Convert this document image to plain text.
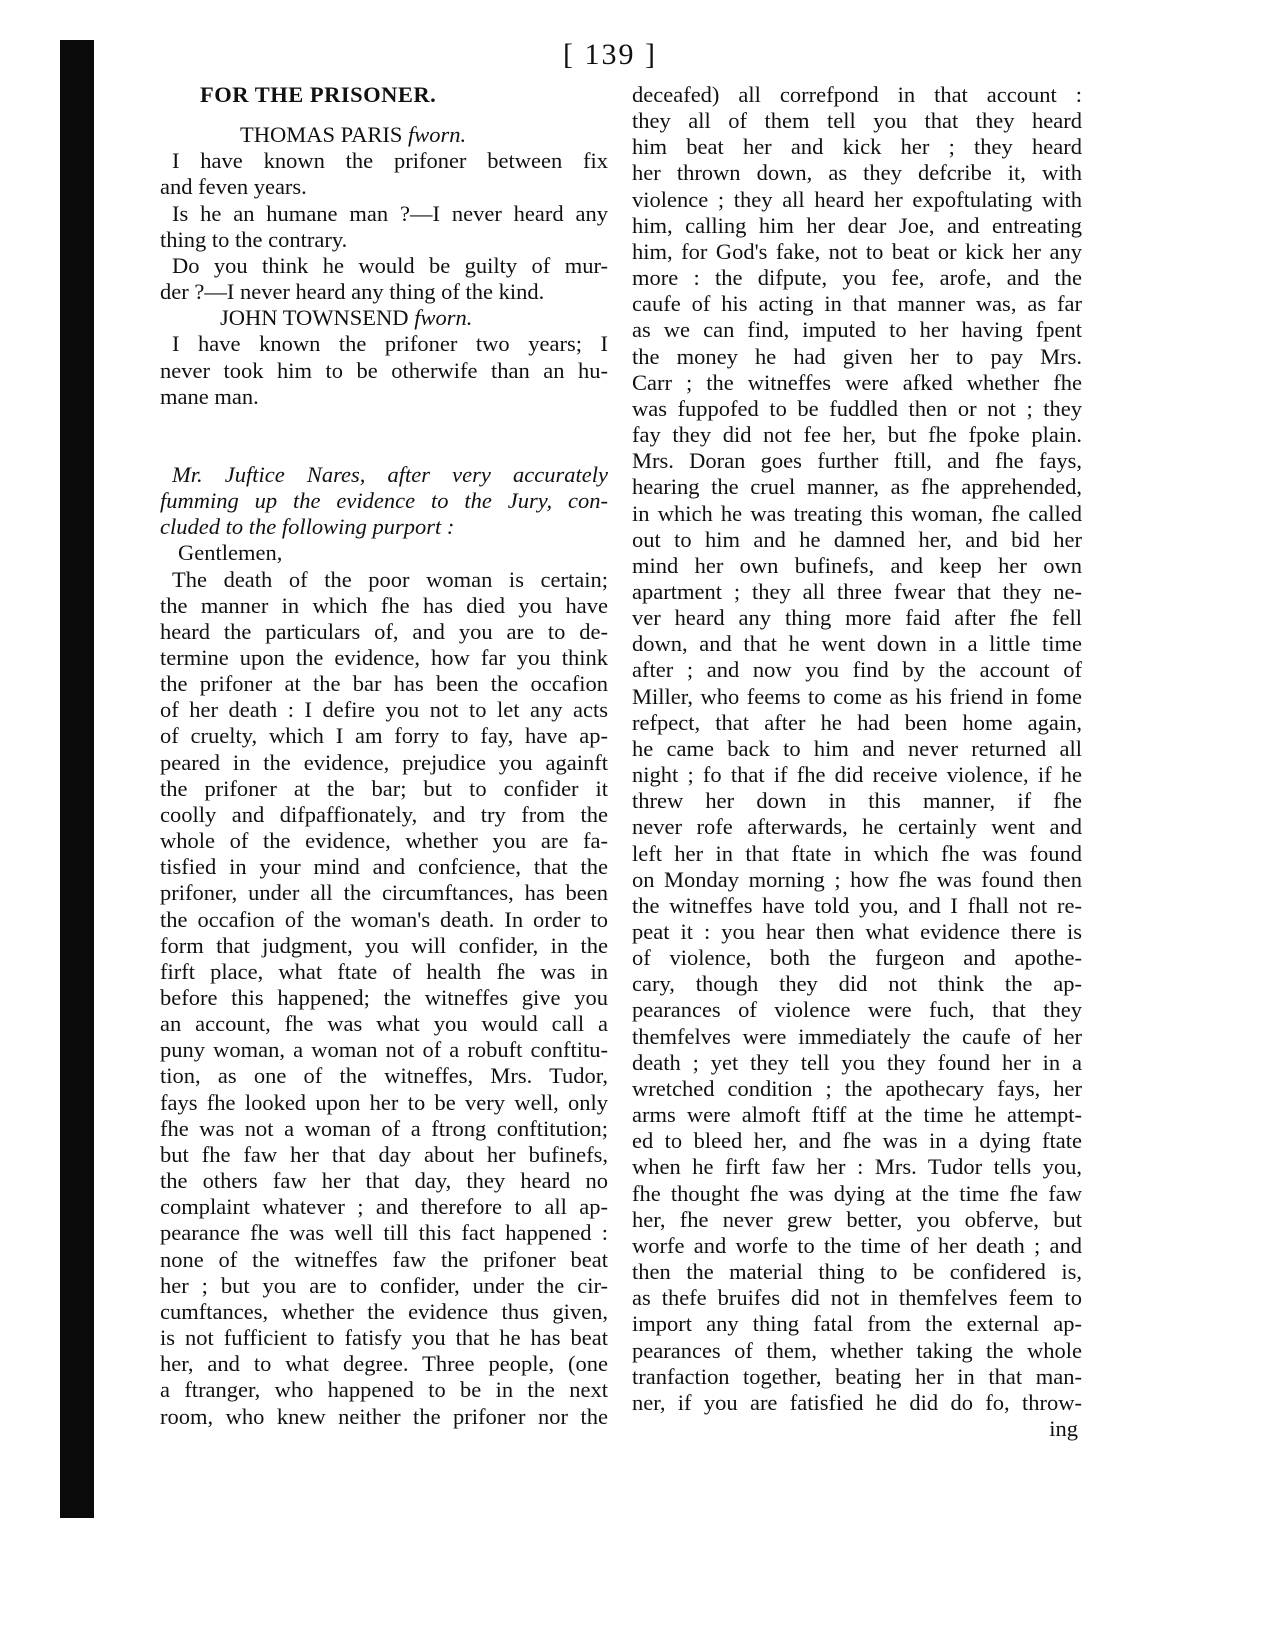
[ 139 ]

FOR THE PRISONER.

THOMAS PARIS fworn.

I have known the prifoner between fix

and feven years.

Is he an humane man ?—I never heard any

thing to the contrary.

Do you think he would be guilty of mur-

der ?—I never heard any thing of the kind.

JOHN TOWNSEND fworn.

I have known the prifoner two years; I

never took him to be otherwife than an hu-

mane man.

Mr. Juftice Nares, after very accurately

fumming up the evidence to the Jury, con-

cluded to the following purport :

Gentlemen,

The death of the poor woman is certain;

the manner in which fhe has died you have

heard the particulars of, and you are to de-

termine upon the evidence, how far you think

the prifoner at the bar has been the occafion

of her death : I defire you not to let any acts

of cruelty, which I am forry to fay, have ap-

peared in the evidence, prejudice you againft

the prifoner at the bar; but to confider it

coolly and difpaffionately, and try from the

whole of the evidence, whether you are fa-

tisfied in your mind and confcience, that the

prifoner, under all the circumftances, has been

the occafion of the woman's death. In order to

form that judgment, you will confider, in the

firft place, what ftate of health fhe was in

before this happened; the witneffes give you

an account, fhe was what you would call a

puny woman, a woman not of a robuft conftitu-

tion, as one of the witneffes, Mrs. Tudor,

fays fhe looked upon her to be very well, only

fhe was not a woman of a ftrong conftitution;

but fhe faw her that day about her bufinefs,

the others faw her that day, they heard no

complaint whatever ; and therefore to all ap-

pearance fhe was well till this fact happened :

none of the witneffes faw the prifoner beat

her ; but you are to confider, under the cir-

cumftances, whether the evidence thus given,

is not fufficient to fatisfy you that he has beat

her, and to what degree. Three people, (one

a ftranger, who happened to be in the next

room, who knew neither the prifoner nor the

deceafed) all correfpond in that account :

they all of them tell you that they heard

him beat her and kick her ; they heard

her thrown down, as they defcribe it, with

violence ; they all heard her expoftulating with

him, calling him her dear Joe, and entreating

him, for God's fake, not to beat or kick her any

more : the difpute, you fee, arofe, and the

caufe of his acting in that manner was, as far

as we can find, imputed to her having fpent

the money he had given her to pay Mrs.

Carr ; the witneffes were afked whether fhe

was fuppofed to be fuddled then or not ; they

fay they did not fee her, but fhe fpoke plain.

Mrs. Doran goes further ftill, and fhe fays,

hearing the cruel manner, as fhe apprehended,

in which he was treating this woman, fhe called

out to him and he damned her, and bid her

mind her own bufinefs, and keep her own

apartment ; they all three fwear that they ne-

ver heard any thing more faid after fhe fell

down, and that he went down in a little time

after ; and now you find by the account of

Miller, who feems to come as his friend in fome

refpect, that after he had been home again,

he came back to him and never returned all

night ; fo that if fhe did receive violence, if he

threw her down in this manner, if fhe

never rofe afterwards, he certainly went and

left her in that ftate in which fhe was found

on Monday morning ; how fhe was found then

the witneffes have told you, and I fhall not re-

peat it : you hear then what evidence there is

of violence, both the furgeon and apothe-

cary, though they did not think the ap-

pearances of violence were fuch, that they

themfelves were immediately the caufe of her

death ; yet they tell you they found her in a

wretched condition ; the apothecary fays, her

arms were almoft ftiff at the time he attempt-

ed to bleed her, and fhe was in a dying ftate

when he firft faw her : Mrs. Tudor tells you,

fhe thought fhe was dying at the time fhe faw

her, fhe never grew better, you obferve, but

worfe and worfe to the time of her death ; and

then the material thing to be confidered is,

as thefe bruifes did not in themfelves feem to

import any thing fatal from the external ap-

pearances of them, whether taking the whole

tranfaction together, beating her in that man-

ner, if you are fatisfied he did do fo, throw-

ing
